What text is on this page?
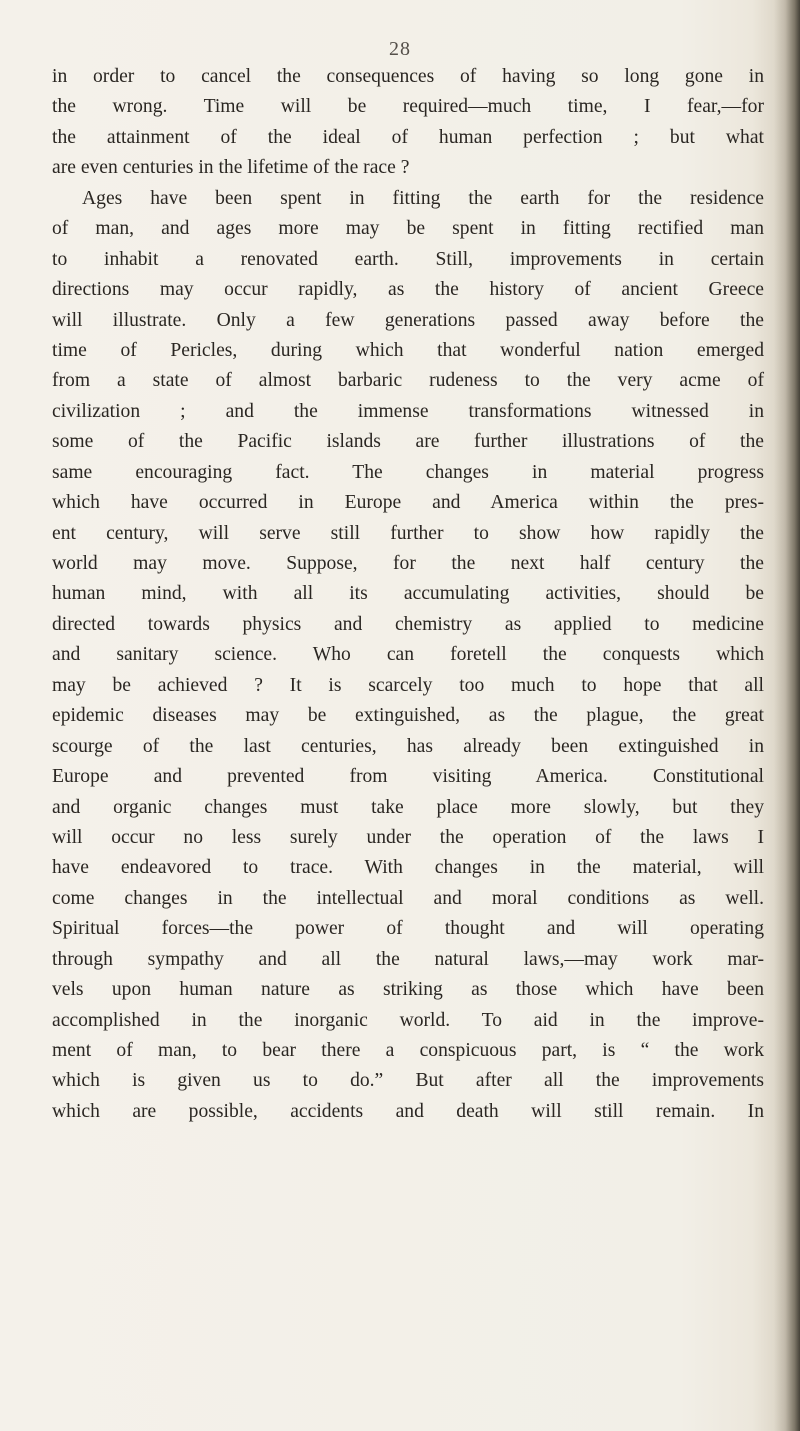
28
in order to cancel the consequences of having so long gone in
the wrong. Time will be required—much time, I fear,—for
the attainment of the ideal of human perfection ; but what
are even centuries in the lifetime of the race ?
Ages have been spent in fitting the earth for the residence
of man, and ages more may be spent in fitting rectified man
to inhabit a renovated earth. Still, improvements in certain
directions may occur rapidly, as the history of ancient Greece
will illustrate. Only a few generations passed away before the
time of Pericles, during which that wonderful nation emerged
from a state of almost barbaric rudeness to the very acme of
civilization ; and the immense transformations witnessed in
some of the Pacific islands are further illustrations of the
same encouraging fact. The changes in material progress
which have occurred in Europe and America within the pres-
ent century, will serve still further to show how rapidly the
world may move. Suppose, for the next half century the
human mind, with all its accumulating activities, should be
directed towards physics and chemistry as applied to medicine
and sanitary science. Who can foretell the conquests which
may be achieved ? It is scarcely too much to hope that all
epidemic diseases may be extinguished, as the plague, the great
scourge of the last centuries, has already been extinguished in
Europe and prevented from visiting America. Constitutional
and organic changes must take place more slowly, but they
will occur no less surely under the operation of the laws I
have endeavored to trace. With changes in the material, will
come changes in the intellectual and moral conditions as well.
Spiritual forces—the power of thought and will operating
through sympathy and all the natural laws,—may work mar-
vels upon human nature as striking as those which have been
accomplished in the inorganic world. To aid in the improve-
ment of man, to bear there a conspicuous part, is “ the work
which is given us to do.” But after all the improvements
which are possible, accidents and death will still remain. In
